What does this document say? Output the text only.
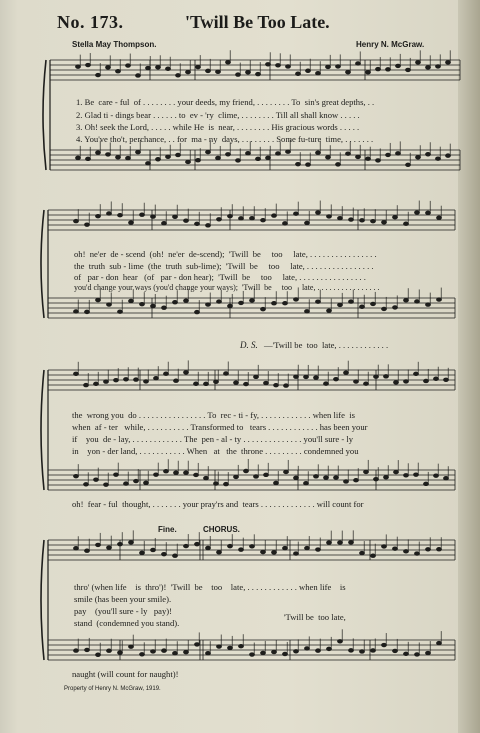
No. 173.	'Twill Be Too Late.
Stella May Thompson.	Henry N. McGraw.
1. Be  care - ful  of . . . . . . . . your deeds, my friend, . . . . . . . . To  sin's great depths, . .
2. Glad ti - dings bear . . . . . . to  ev - 'ry  clime, . . . . . . . . Till all shall know . . . . .
3. Oh! seek the Lord, . . . . . while He  is  near, . . . . . . . . His gracious words . . . . .
4. You've tho't, perchance, . . for  ma - ny  days, . . . . . . . . Some fu-ture  time, . . . . . . .
oh!  ne'er  de - scend  (oh!  ne'er  de-scend);  'Twill  be     too     late, . . . . . . . . . . . . . . . .
the  truth  sub - lime  (the  truth  sub-lime);  'Twill  be     too     late, . . . . . . . . . . . . . . . .
of   par - don  hear   (of   par - don hear);  'Twill  be     too     late, . . . . . . . . . . . . . . . .
you'd change your ways (you'd change your ways);  'Twill  be     too     late, . . . . . . . . . . . . . . . .
D. S. —'Twill be  too  late, . . . . . . . . . . . .
the  wrong you  do . . . . . . . . . . . . . . . . To  rec - ti - fy, . . . . . . . . . . . . when life  is
when  af - ter   while, . . . . . . . . . . Transformed to   tears . . . . . . . . . . . . has been your
if    you  de - lay, . . . . . . . . . . . . The  pen - al - ty . . . . . . . . . . . . . . you'll sure - ly
in    yon - der land, . . . . . . . . . . . When   at   the  throne . . . . . . . . . condemned you
oh!  fear - ful  thought, . . . . . . . your pray'rs and  tears . . . . . . . . . . . . . will count for
Fine.	CHORUS.
thro' (when life    is  thro')!  'Twill  be    too    late, . . . . . . . . . . . . when life    is
smile (has been your smile).
pay    (you'll sure - ly   pay)!
stand  (condemned you stand).
'Twill be  too late,
naught (will count for naught)!
Property of Henry N. McGraw, 1919.
